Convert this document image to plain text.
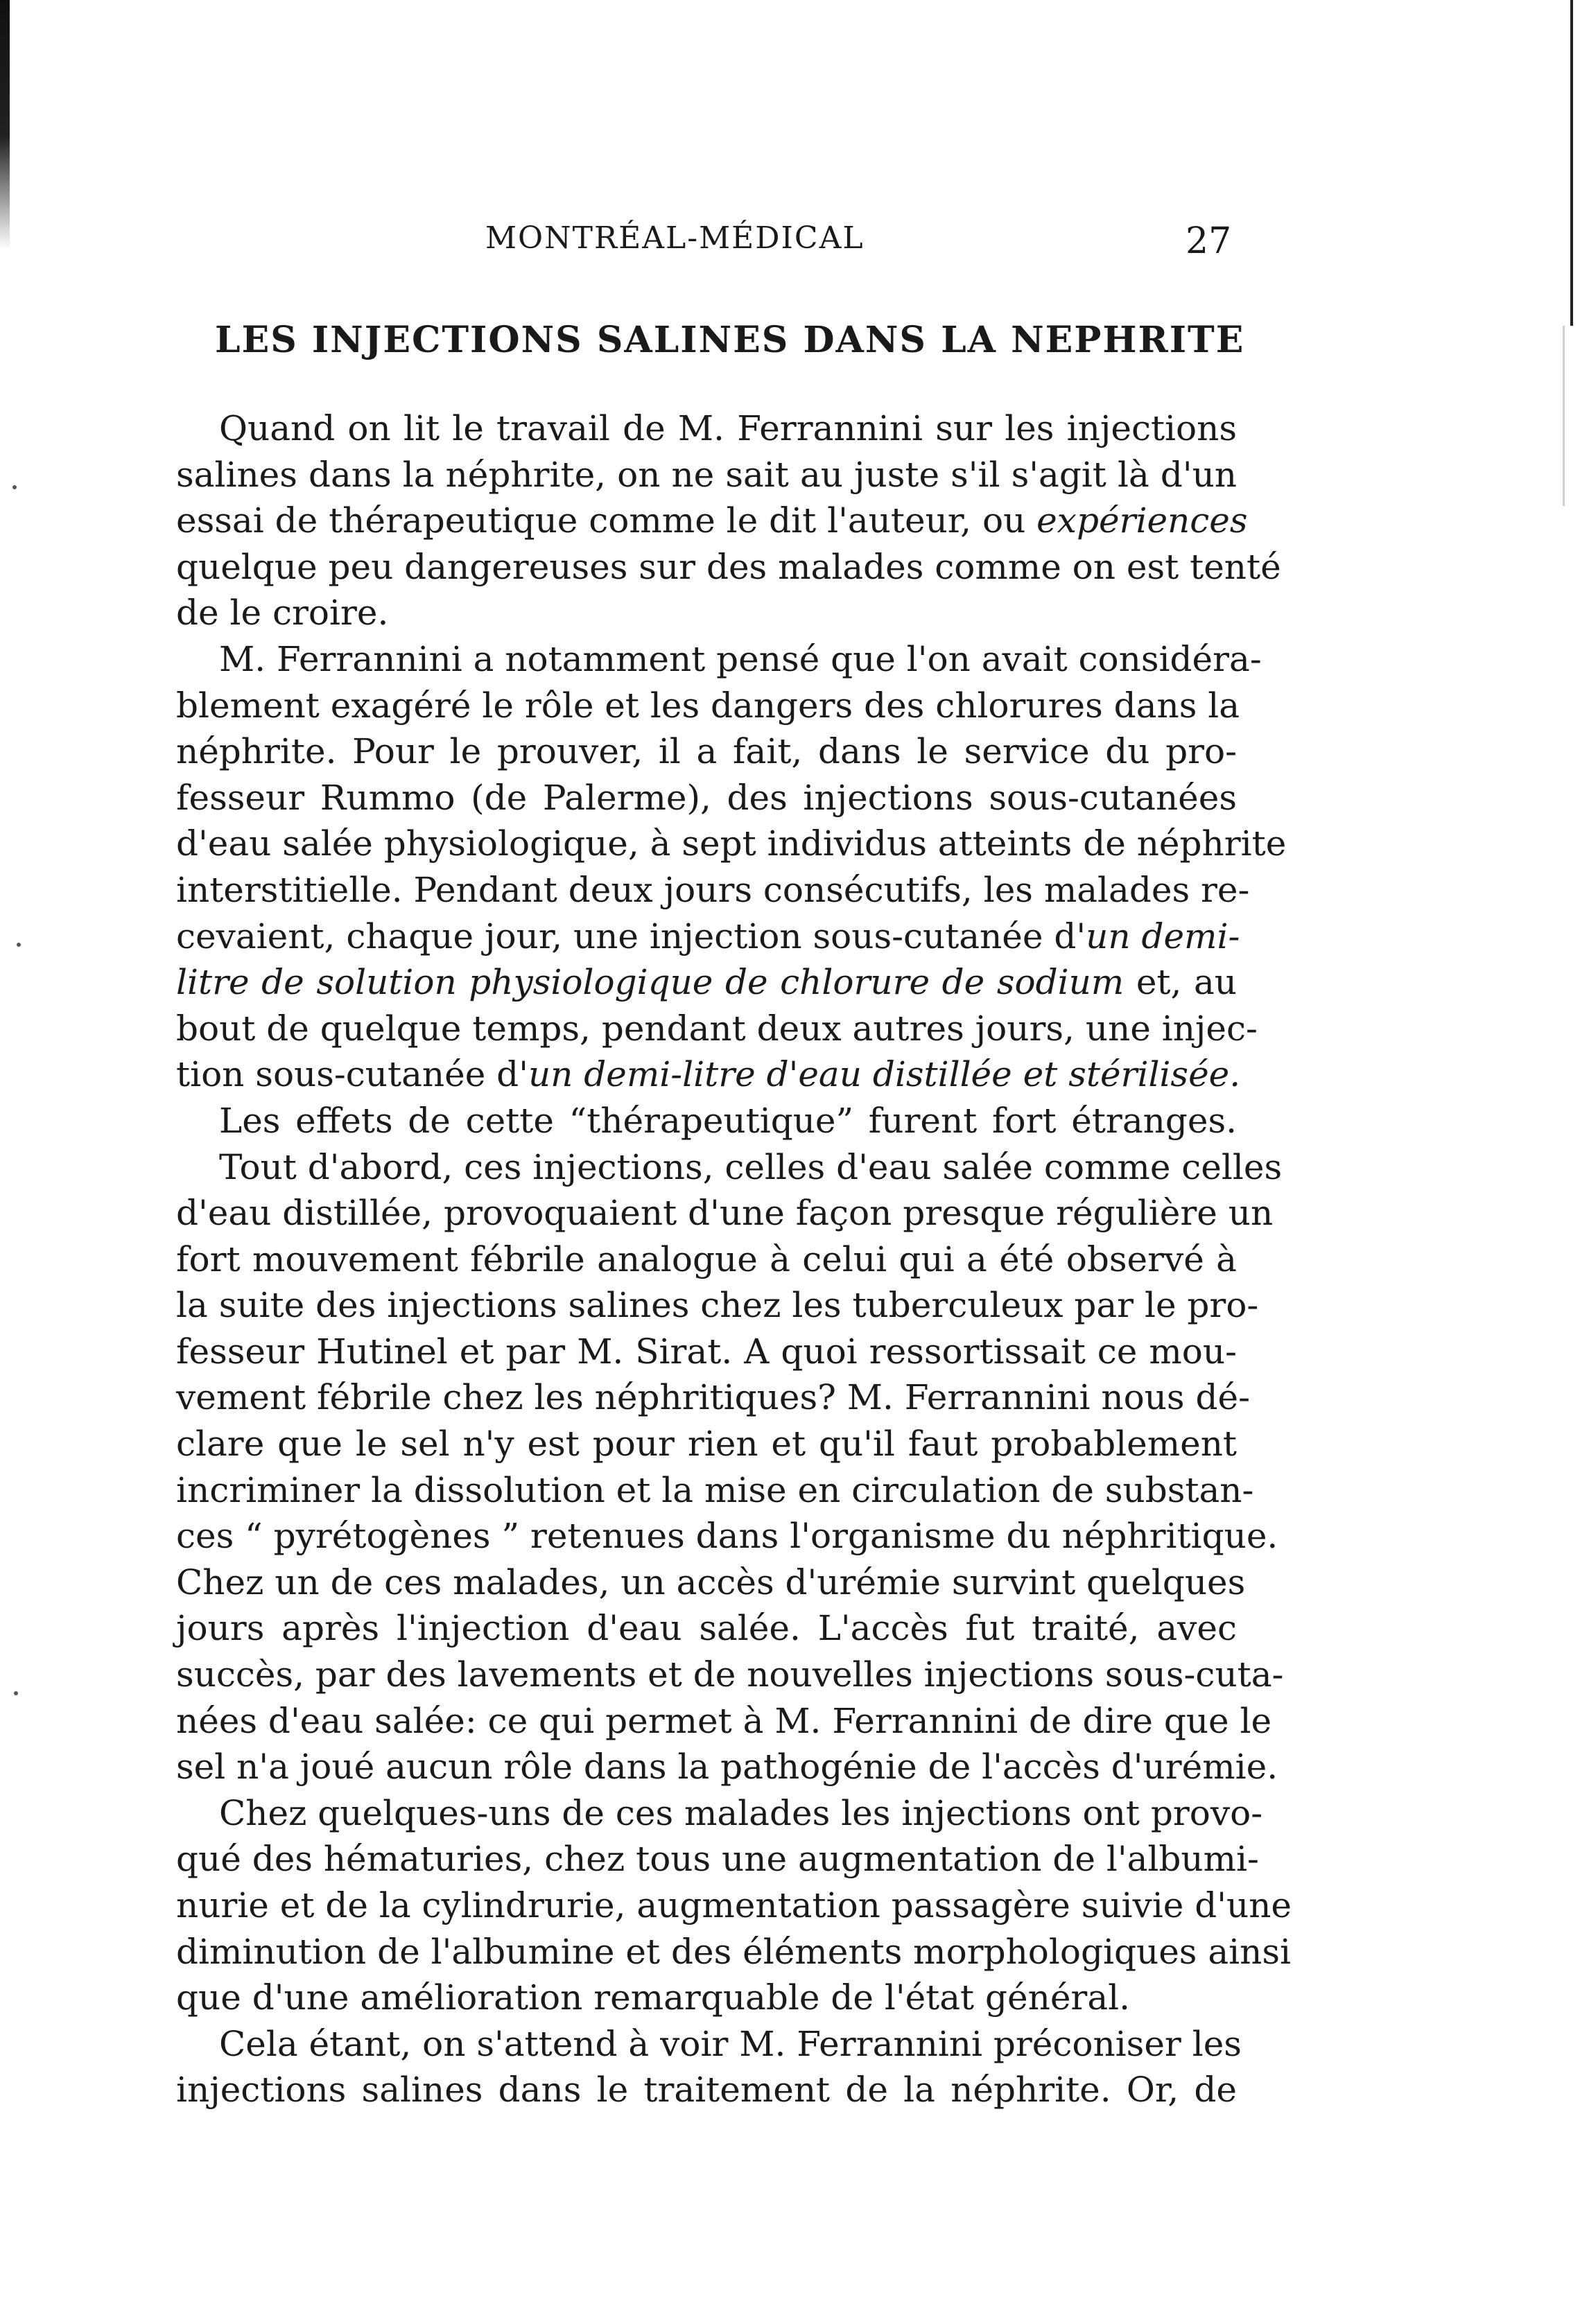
MONTRÉAL-MÉDICAL	27
LES INJECTIONS SALINES DANS LA NEPHRITE
Quand on lit le travail de M. Ferrannini sur les injections
salines dans la néphrite, on ne sait au juste s'il s'agit là d'un
essai de thérapeutique comme le dit l'auteur, ou expériences
quelque peu dangereuses sur des malades comme on est tenté
de le croire.
M. Ferrannini a notamment pensé que l'on avait considéra-
blement exagéré le rôle et les dangers des chlorures dans la
néphrite. Pour le prouver, il a fait, dans le service du pro-
fesseur Rummo (de Palerme), des injections sous-cutanées
d'eau salée physiologique, à sept individus atteints de néphrite
interstitielle. Pendant deux jours consécutifs, les malades re-
cevaient, chaque jour, une injection sous-cutanée d'un demi-
litre de solution physiologique de chlorure de sodium et, au
bout de quelque temps, pendant deux autres jours, une injec-
tion sous-cutanée d'un demi-litre d'eau distillée et stérilisée.
Les effets de cette “thérapeutique” furent fort étranges.
Tout d'abord, ces injections, celles d'eau salée comme celles
d'eau distillée, provoquaient d'une façon presque régulière un
fort mouvement fébrile analogue à celui qui a été observé à
la suite des injections salines chez les tuberculeux par le pro-
fesseur Hutinel et par M. Sirat. A quoi ressortissait ce mou-
vement fébrile chez les néphritiques? M. Ferrannini nous dé-
clare que le sel n'y est pour rien et qu'il faut probablement
incriminer la dissolution et la mise en circulation de substan-
ces “ pyrétogènes ” retenues dans l'organisme du néphritique.
Chez un de ces malades, un accès d'urémie survint quelques
jours après l'injection d'eau salée. L'accès fut traité, avec
succès, par des lavements et de nouvelles injections sous-cuta-
nées d'eau salée: ce qui permet à M. Ferrannini de dire que le
sel n'a joué aucun rôle dans la pathogénie de l'accès d'urémie.
Chez quelques-uns de ces malades les injections ont provo-
qué des hématuries, chez tous une augmentation de l'albumi-
nurie et de la cylindrurie, augmentation passagère suivie d'une
diminution de l'albumine et des éléments morphologiques ainsi
que d'une amélioration remarquable de l'état général.
Cela étant, on s'attend à voir M. Ferrannini préconiser les
injections salines dans le traitement de la néphrite. Or, de
